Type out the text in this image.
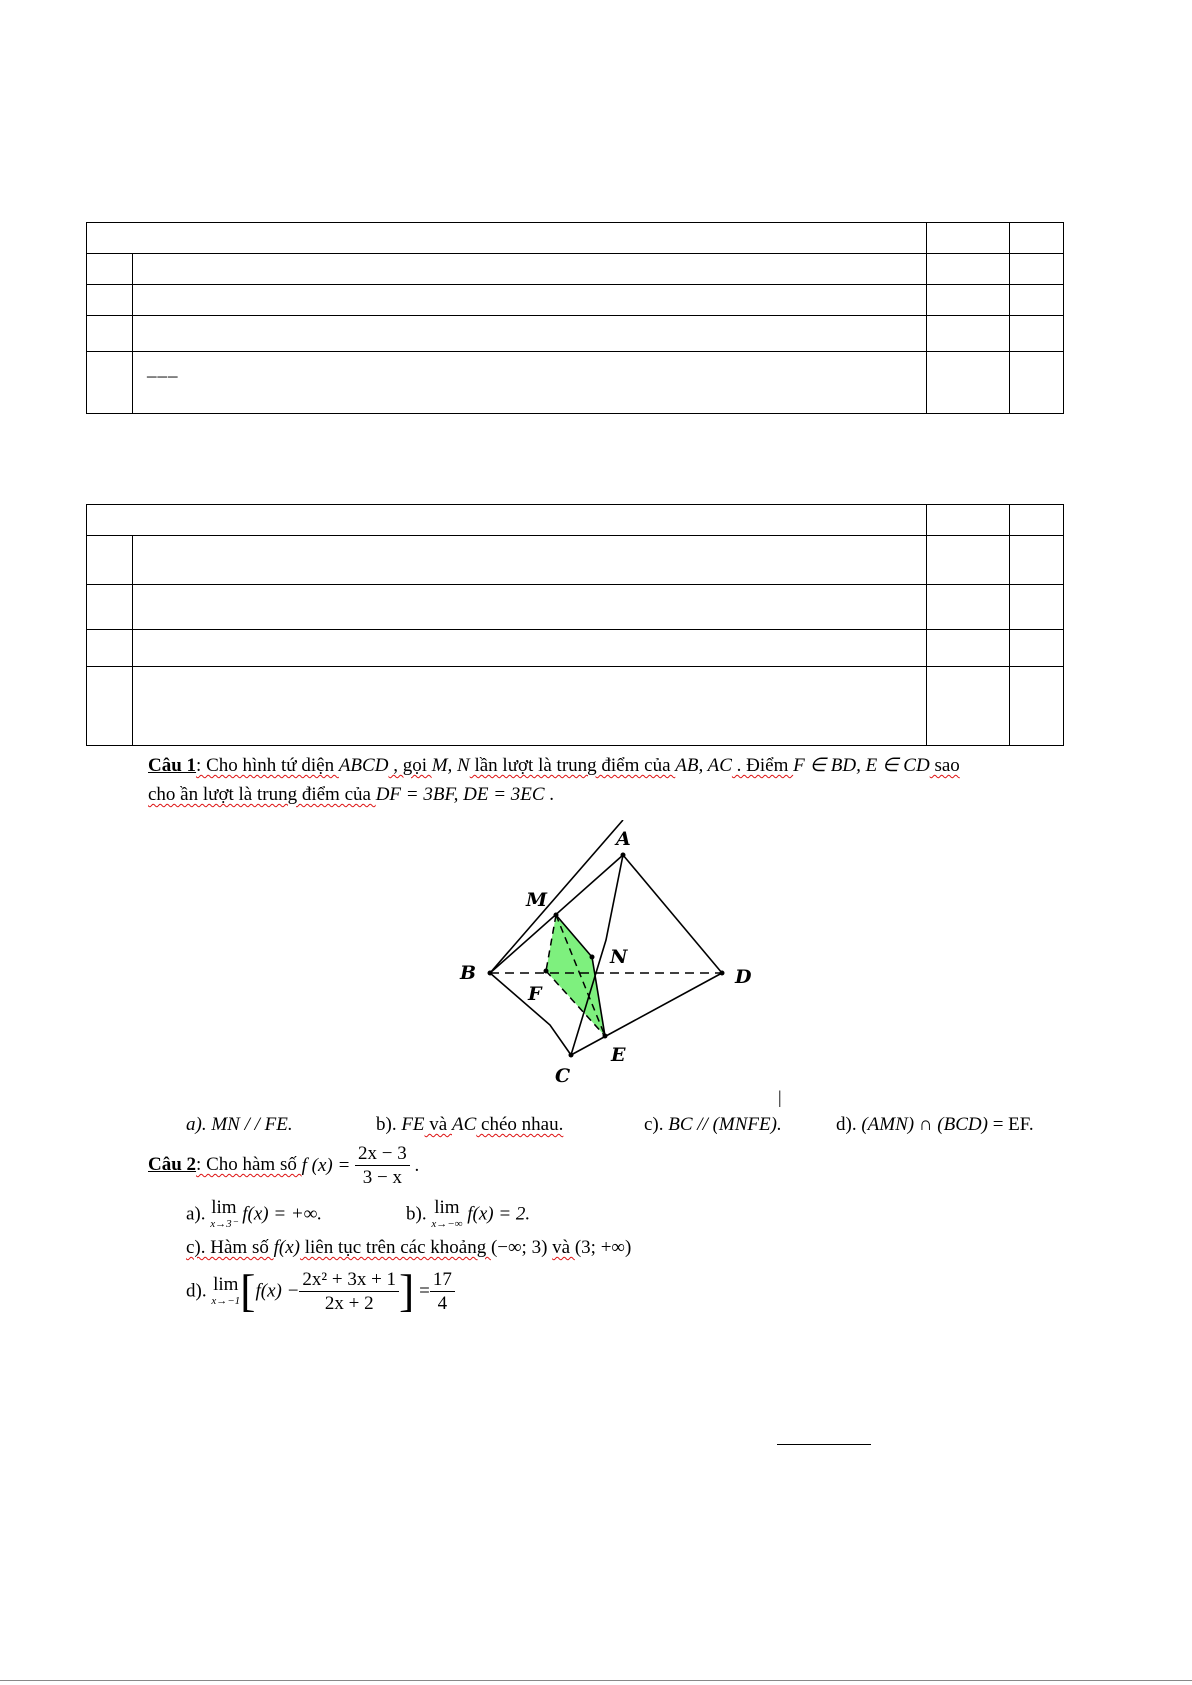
	___		

Câu 1: Cho hình tứ diện ABCD , gọi M, N lần lượt là trung điểm của AB, AC . Điểm F ∈ BD, E ∈ CD sao
cho ần lượt là trung điểm của DF = 3BF, DE = 3EC .
A
B	D
C
M
N
F
E
|
a). MN / / FE.	b). FE và AC chéo nhau.	c). BC // (MNFE).	d). (AMN) ∩ (BCD) = EF.
Câu 2: Cho hàm số f $(x) = \frac{2x - 3}{3 - x}$ .
a). lim
x→3⁻ f(x) = +∞.	b). lim
x→−∞ f(x) = 2.
c). Hàm số f(x) liên tục trên các khoảng (−∞; 3) và (3; +∞)
d). lim
x→−1 [$f(x) - \frac{\text{2x² + 3x + 1}}{2x + 2}$ ] = $\frac{17}{4}$
